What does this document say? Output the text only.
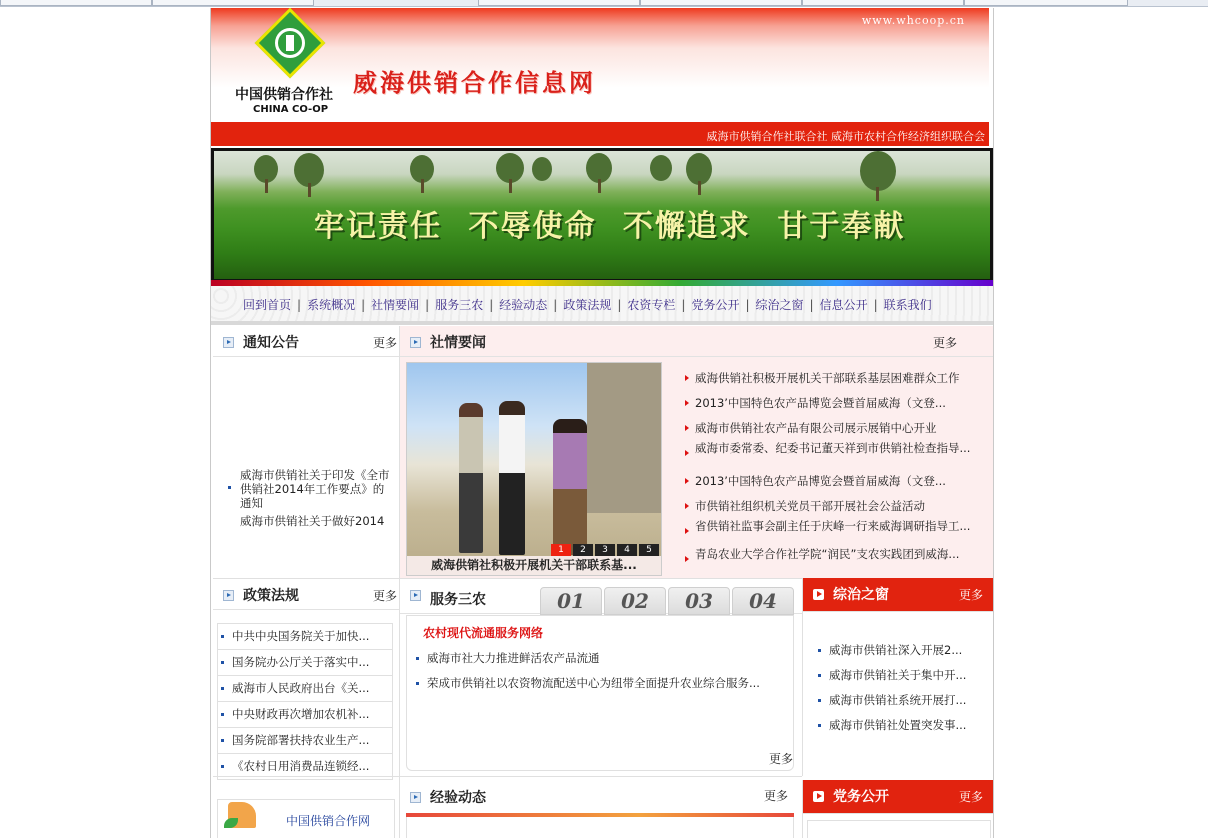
www.whcoop.cn
中国供销合作社
CHINA CO-OP
威海供销合作信息网
威海市供销合作社联合社 威海市农村合作经济组织联合会
牢记责任 不辱使命 不懈追求 甘于奉献
回到首页 | 系统概况 | 社情要闻 | 服务三农 | 经验动态 | 政策法规 | 农资专栏 | 党务公开 | 综治之窗 | 信息公开 | 联系我们
通知公告	更多
威海市供销社关于印发《全市供销社2014年工作要点》的通知
威海市供销社关于做好2014
社情要闻	更多
1 2 3 4 5
威海供销社积极开展机关干部联系基...
威海供销社积极开展机关干部联系基层困难群众工作
2013’中国特色农产品博览会暨首届威海（文登...
威海市供销社农产品有限公司展示展销中心开业
威海市委常委、纪委书记董天祥到市供销社检查指导...
2013’中国特色农产品博览会暨首届威海（文登...
市供销社组织机关党员干部开展社会公益活动
省供销社监事会副主任于庆峰一行来威海调研指导工...
青岛农业大学合作社学院“润民”支农实践团到威海...
政策法规	更多
中共中央国务院关于加快...
国务院办公厅关于落实中...
威海市人民政府出台《关...
中央财政再次增加农机补...
国务院部署扶持农业生产...
《农村日用消费品连锁经...
服务三农	01	02	03	04
农村现代流通服务网络
威海市社大力推进鲜活农产品流通
荣成市供销社以农资物流配送中心为纽带全面提升农业综合服务...
更多
综治之窗	更多
威海市供销社深入开展2...
威海市供销社关于集中开...
威海市供销社系统开展打...
威海市供销社处置突发事...
中国供销合作网
经验动态	更多	党务公开	更多
